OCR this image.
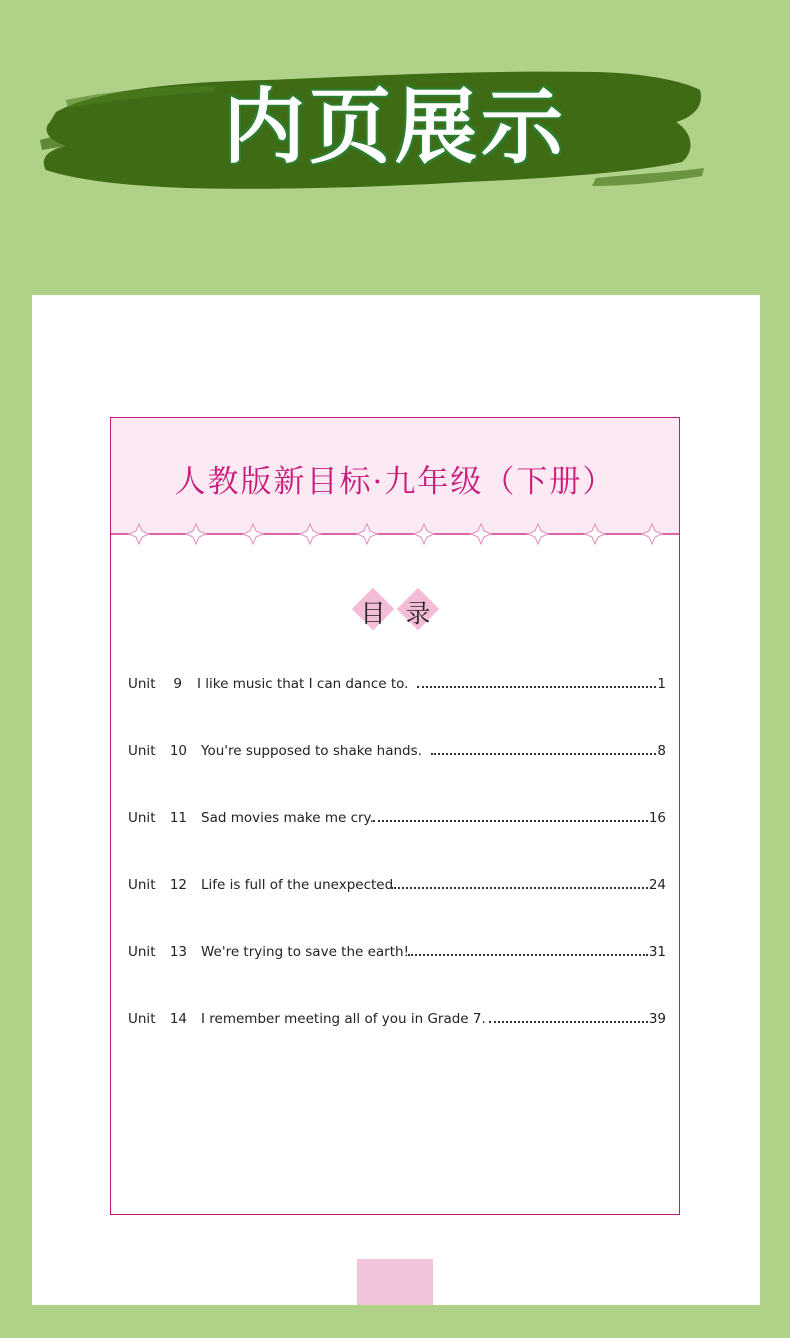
内页展示
人教版新目标·九年级（下册）
目 录
Unit	9 I like music that I can dance to.	1
Unit	10 You're supposed to shake hands.	8
Unit	11 Sad movies make me cry.	16
Unit	12 Life is full of the unexpected.	24
Unit	13 We're trying to save the earth!	31
Unit	14 I remember meeting all of you in Grade 7.	39
